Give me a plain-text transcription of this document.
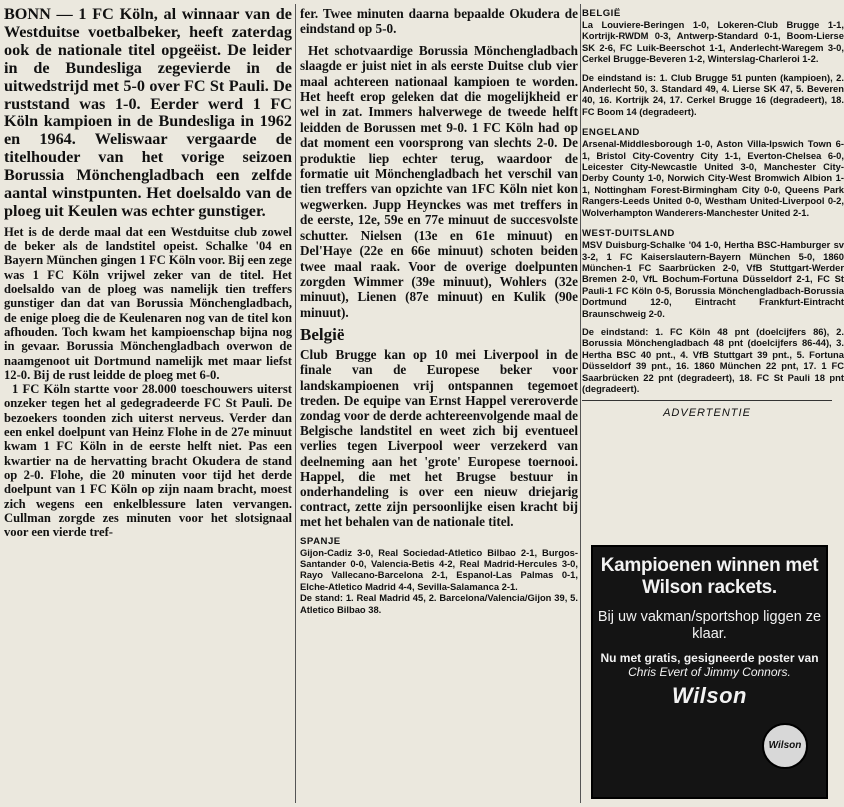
BONN — 1 FC Köln, al winnaar van de Westduitse voetbalbeker, heeft zaterdag ook de nationale titel opgeëist. De leider in de Bundesliga zegevierde in de uitwedstrijd met 5-0 over FC St Pauli. De ruststand was 1-0. Eerder werd 1 FC Köln kampioen in de Bundesliga in 1962 en 1964. Weliswaar vergaarde de titelhouder van het vorige seizoen Borussia Mönchengladbach een zelfde aantal winstpunten. Het doelsaldo van de ploeg uit Keulen was echter gunstiger.

Het is de derde maal dat een Westduitse club zowel de beker als de landstitel opeist. Schalke '04 en Bayern München gingen 1 FC Köln voor. Bij een zege was 1 FC Köln vrijwel zeker van de titel. Het doelsaldo van de ploeg was namelijk tien treffers gunstiger dan dat van Borussia Mönchengladbach, de enige ploeg die de Keulenaren nog van de titel kon afhouden. Toch kwam het kampioenschap bijna nog in gevaar. Borussia Mönchengladbach overwon de naamgenoot uit Dortmund namelijk met maar liefst 12-0. Bij de rust leidde de ploeg met 6-0.

1 FC Köln startte voor 28.000 toeschouwers uiterst onzeker tegen het al gedegradeerde FC St Pauli. De bezoekers toonden zich uiterst nerveus. Verder dan een enkel doelpunt van Heinz Flohe in de 27e minuut kwam 1 FC Köln in de eerste helft niet. Pas een kwartier na de hervatting bracht Okudera de stand op 2-0. Flohe, die 20 minuten voor tijd het derde doelpunt van 1 FC Köln op zijn naam bracht, moest zich wegens een enkelblessure laten vervangen. Cullman zorgde zes minuten voor het slotsignaal voor een vierde tref-

fer. Twee minuten daarna bepaalde Okudera de eindstand op 5-0.

Het schotvaardige Borussia Mönchengladbach slaagde er juist niet in als eerste Duitse club vier maal achtereen nationaal kampioen te worden. Het heeft erop geleken dat die mogelijkheid er wel in zat. Immers halverwege de tweede helft leidden de Borussen met 9-0. 1 FC Köln had op dat moment een voorsprong van slechts 2-0. De produktie liep echter terug, waardoor de formatie uit Mönchengladbach het verschil van tien treffers van opzichte van 1FC Köln niet kon wegwerken. Jupp Heynckes was met treffers in de eerste, 12e, 59e en 77e minuut de succesvolste schutter. Nielsen (13e en 61e minuut) en Del'Haye (22e en 66e minuut) schoten beiden twee maal raak. Voor de overige doelpunten zorgden Wimmer (39e minuut), Wohlers (32e minuut), Lienen (87e minuut) en Kulik (90e minuut).

België

Club Brugge kan op 10 mei Liverpool in de finale van de Europese beker voor landskampioenen vrij ontspannen tegemoet treden. De equipe van Ernst Happel vereroverde zondag voor de derde achtereenvolgende maal de Belgische landstitel en weet zich bij eventueel verlies tegen Liverpool weer verzekerd van deelneming aan het 'grote' Europese toernooi. Happel, die met het Brugse bestuur in onderhandeling is over een nieuw driejarig contract, zette zijn persoonlijke eisen kracht bij met het behalen van de nationale titel.

SPANJE

Gijon-Cadiz 3-0, Real Sociedad-Atletico Bilbao 2-1, Burgos-Santander 0-0, Valencia-Betis 4-2, Real Madrid-Hercules 3-0, Rayo Vallecano-Barcelona 2-1, Espanol-Las Palmas 0-1, Elche-Atletico Madrid 4-4, Sevilla-Salamanca 2-1.

De stand: 1. Real Madrid 45, 2. Barcelona/Valencia/Gijon 39, 5. Atletico Bilbao 38.

BELGIË

La Louviere-Beringen 1-0, Lokeren-Club Brugge 1-1, Kortrijk-RWDM 0-3, Antwerp-Standard 0-1, Boom-Lierse SK 2-6, FC Luik-Beerschot 1-1, Anderlecht-Waregem 3-0, Cerkel Brugge-Beveren 1-2, Winterslag-Charleroi 1-2.

De eindstand is: 1. Club Brugge 51 punten (kampioen), 2. Anderlecht 50, 3. Standard 49, 4. Lierse SK 47, 5. Beveren 40, 16. Kortrijk 24, 17. Cerkel Brugge 16 (degradeert), 18. FC Boom 14 (degradeert).

ENGELAND

Arsenal-Middlesborough 1-0, Aston Villa-Ipswich Town 6-1, Bristol City-Coventry City 1-1, Everton-Chelsea 6-0, Leicester City-Newcastle United 3-0, Manchester City-Derby County 1-0, Norwich City-West Bromwich Albion 1-1, Nottingham Forest-Birmingham City 0-0, Queens Park Rangers-Leeds United 0-0, Westham United-Liverpool 0-2, Wolverhampton Wanderers-Manchester United 2-1.

WEST-DUITSLAND

MSV Duisburg-Schalke '04 1-0, Hertha BSC-Hamburger sv 3-2, 1 FC Kaiserslautern-Bayern München 5-0, 1860 München-1 FC Saarbrücken 2-0, VfB Stuttgart-Werder Bremen 2-0, VfL Bochum-Fortuna Düsseldorf 2-1, FC St Pauli-1 FC Köln 0-5, Borussia Mönchengladbach-Borussia Dortmund 12-0, Eintracht Frankfurt-Eintracht Braunschweig 2-0.

De eindstand: 1. FC Köln 48 pnt (doelcijfers 86), 2. Borussia Mönchengladbach 48 pnt (doelcijfers 86-44), 3. Hertha BSC 40 pnt., 4. VfB Stuttgart 39 pnt., 5. Fortuna Düsseldorf 39 pnt., 16. 1860 München 22 pnt, 17. 1 FC Saarbrücken 22 pnt (degradeert), 18. FC St Pauli 18 pnt (degradeert).

ADVERTENTIE
Kampioenen winnen met Wilson rackets.
Bij uw vakman/sportshop liggen ze klaar.
Nu met gratis, gesigneerde poster van
Chris Evert of Jimmy Connors.
Wilson
Wilson
